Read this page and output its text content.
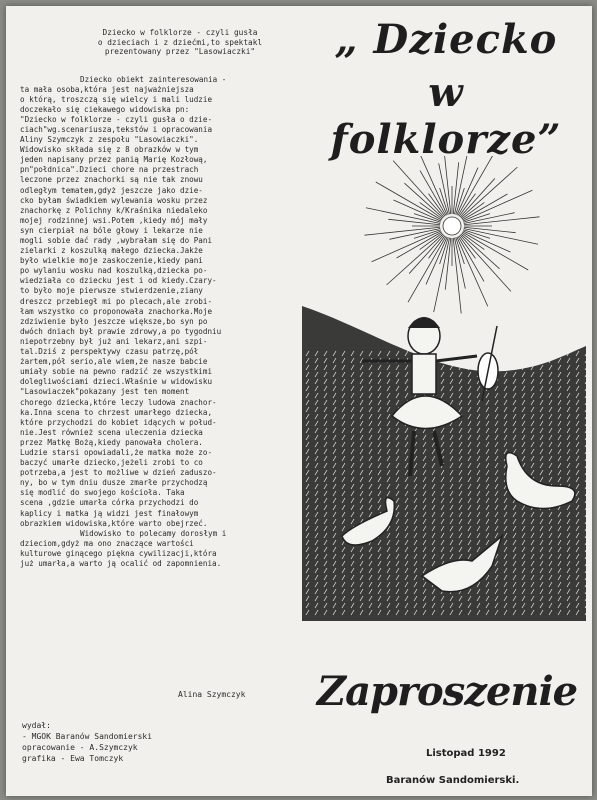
Dziecko w folklorze - czyli gusła
o dzieciach i z dziećmi,to spektakl
prezentowany przez "Lasowiaczki"
Dziecko obiekt zainteresowania -
ta mała osoba,która jest najważniejsza
o którą, troszczą się wielcy i mali ludzie
doczekało się ciekawego widowiska pn:
"Dziecko w folklorze - czyli gusła o dzie-
ciach"wg.scenariusza,tekstów i opracowania
Aliny Szymczyk z zespołu "Lasowiaczki".
Widowisko składa się z 8 obrazków w tym
jeden napisany przez panią Marię Kozłową,
pn"połdnica".Dzieci chore na przestrach
leczone przez znachorki są nie tak znowu
odległym tematem,gdyż jeszcze jako dzie-
cko byłam świadkiem wylewania wosku przez
znachorkę z Polichny k/Kraśnika niedaleko
mojej rodzinnej wsi.Potem ,kiedy mój mały
syn cierpiał na bóle głowy i lekarze nie
mogli sobie dać rady ,wybrałam się do Pani
zielarki z koszulką małego dziecka.Jakże
było wielkie moje zaskoczenie,kiedy pani
po wylaniu wosku nad koszulką,dziecka po-
wiedziała co dziecku jest i od kiedy.Czary-
to było moje pierwsze stwierdzenie,ziany
dreszcz przebiegł mi po plecach,ale zrobi-
łam wszystko co proponowała znachorka.Moje
zdziwienie było jeszcze większe,bo syn po
dwóch dniach był prawie zdrowy,a po tygodniu
niepotrzebny był już ani lekarz,ani szpi-
tal.Dziś z perspektywy czasu patrzę,pół
żartem,pół serio,ale wiem,że nasze babcie
umiały sobie na pewno radzić ze wszystkimi
dolegliwościami dzieci.Właśnie w widowisku
"Lasowiaczek"pokazany jest ten moment
chorego dziecka,które leczy ludowa znachor-
ka.Inna scena to chrzest umarłego dziecka,
które przychodzi do kobiet idących w połud-
nie.Jest również scena uleczenia dziecka
przez Matkę Bożą,kiedy panowała cholera.
Ludzie starsi opowiadali,że matka może zo-
baczyć umarłe dziecko,jeżeli zrobi to co
potrzeba,a jest to możliwe w dzień zaduszo-
ny, bo w tym dniu dusze zmarłe przychodzą
się modlić do swojego kościoła. Taka
scena ,gdzie umarła córka przychodzi do
kaplicy i matka ją widzi jest finałowym
obrazkiem widowiska,które warto obejrzeć.
Widowisko to polecamy dorosłym i
dzieciom,gdyż ma ono znaczące wartości
kulturowe ginącego piękna cywilizacji,która
już umarła,a warto ją ocalić od zapomnienia.
Alina Szymczyk
wydał:
- MGOK Baranów Sandomierski
opracowanie - A.Szymczyk
grafika - Ewa Tomczyk
„ Dziecko
w folklorze”
Zaproszenie
Listopad 1992
Baranów Sandomierski.
